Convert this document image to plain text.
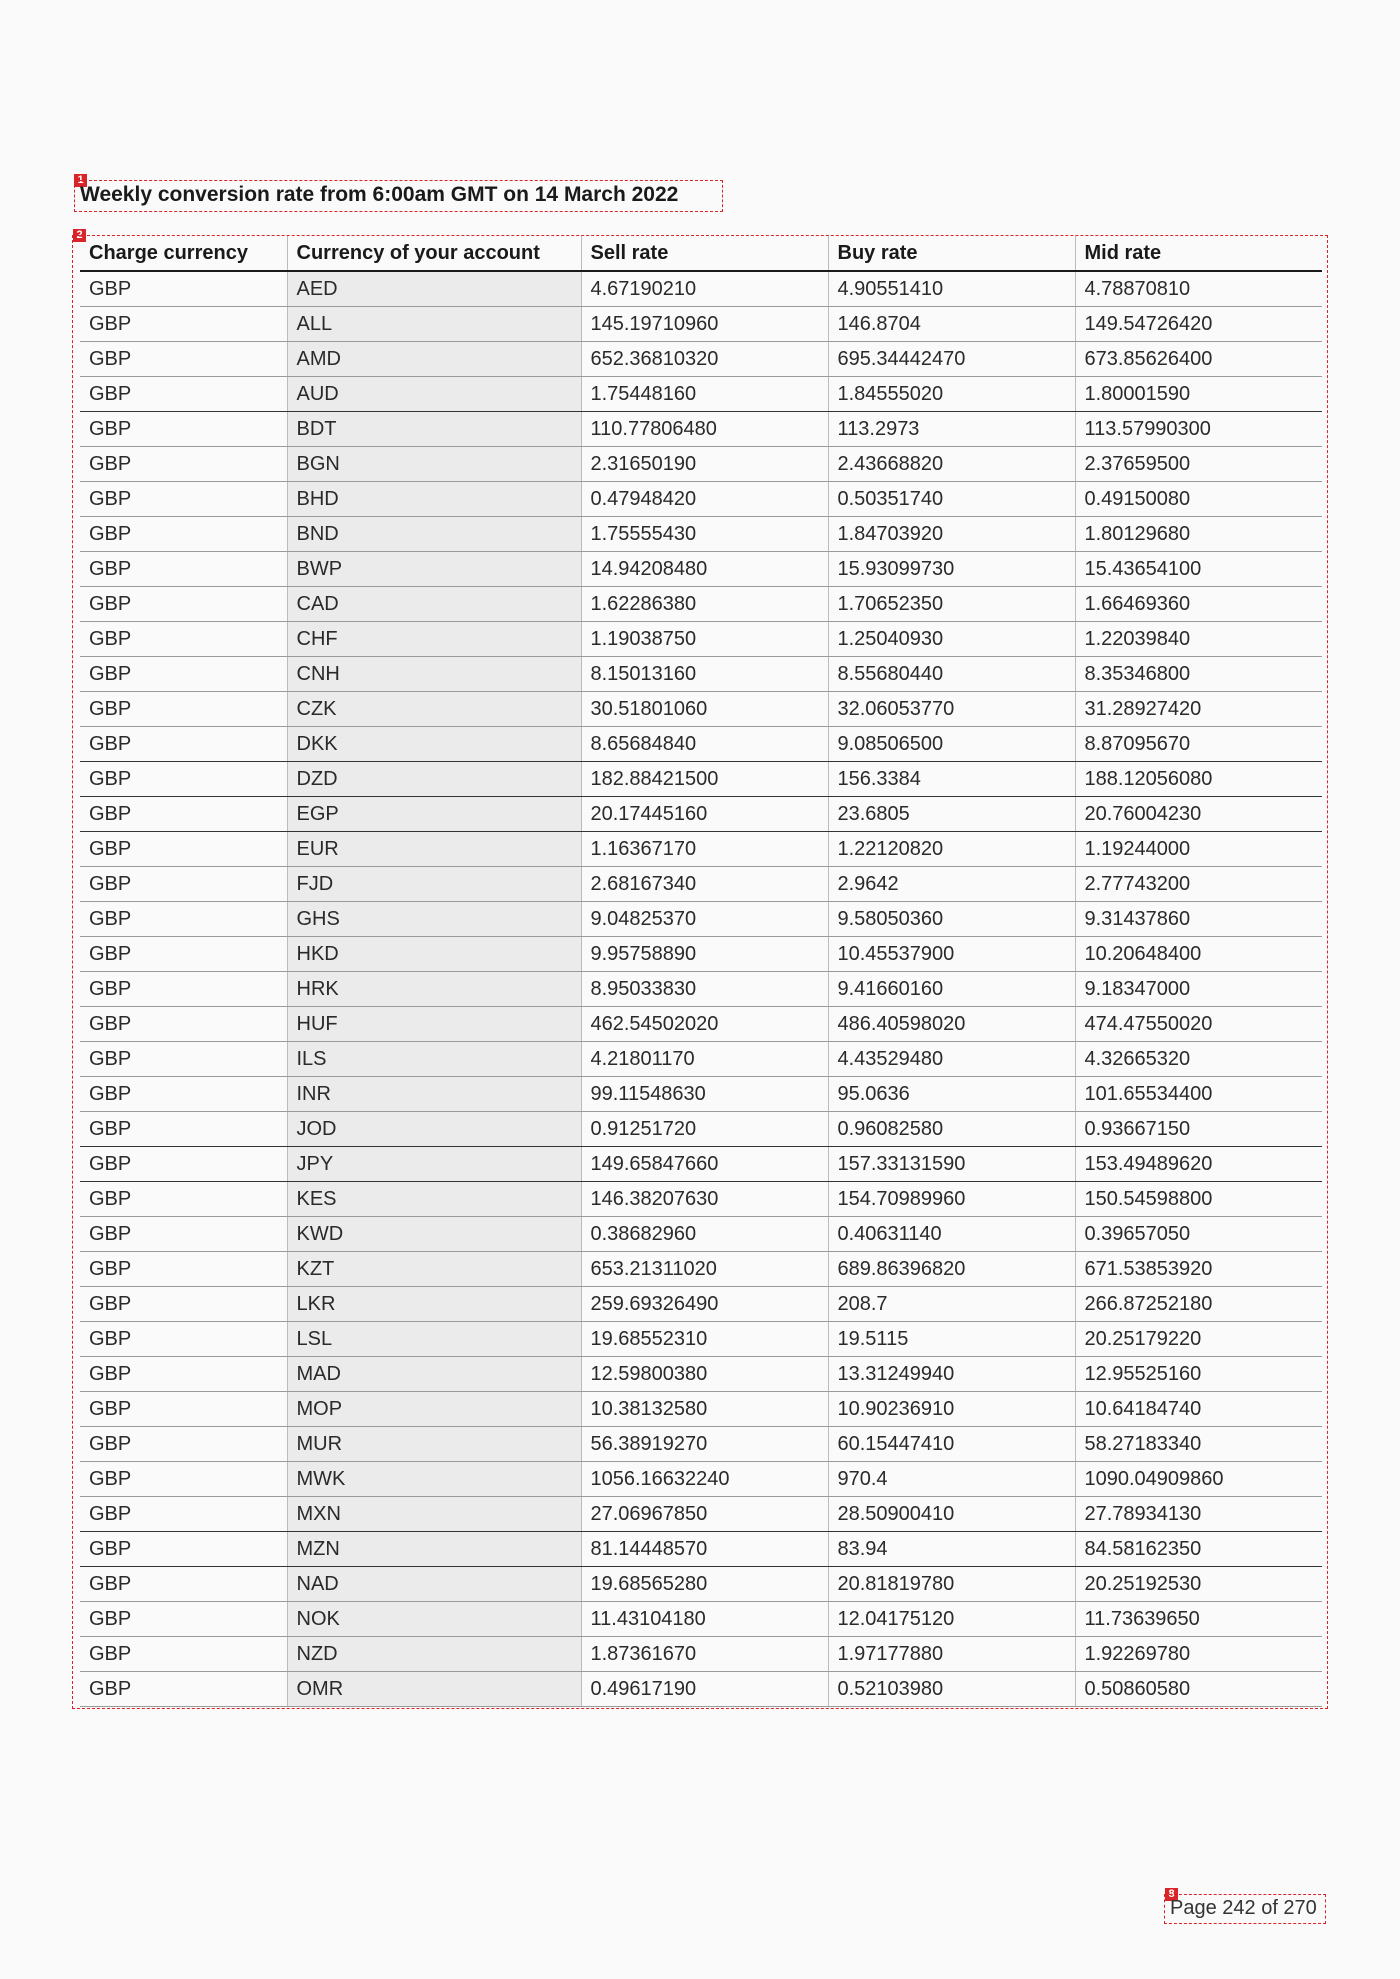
1
Weekly conversion rate from 6:00am GMT on 14 March 2022
2
Charge currency	Currency of your account	Sell rate	Buy rate	Mid rate
GBP	AED	4.67190210	4.90551410	4.78870810
GBP	ALL	145.19710960	146.8704	149.54726420
GBP	AMD	652.36810320	695.34442470	673.85626400
GBP	AUD	1.75448160	1.84555020	1.80001590
GBP	BDT	110.77806480	113.2973	113.57990300
GBP	BGN	2.31650190	2.43668820	2.37659500
GBP	BHD	0.47948420	0.50351740	0.49150080
GBP	BND	1.75555430	1.84703920	1.80129680
GBP	BWP	14.94208480	15.93099730	15.43654100
GBP	CAD	1.62286380	1.70652350	1.66469360
GBP	CHF	1.19038750	1.25040930	1.22039840
GBP	CNH	8.15013160	8.55680440	8.35346800
GBP	CZK	30.51801060	32.06053770	31.28927420
GBP	DKK	8.65684840	9.08506500	8.87095670
GBP	DZD	182.88421500	156.3384	188.12056080
GBP	EGP	20.17445160	23.6805	20.76004230
GBP	EUR	1.16367170	1.22120820	1.19244000
GBP	FJD	2.68167340	2.9642	2.77743200
GBP	GHS	9.04825370	9.58050360	9.31437860
GBP	HKD	9.95758890	10.45537900	10.20648400
GBP	HRK	8.95033830	9.41660160	9.18347000
GBP	HUF	462.54502020	486.40598020	474.47550020
GBP	ILS	4.21801170	4.43529480	4.32665320
GBP	INR	99.11548630	95.0636	101.65534400
GBP	JOD	0.91251720	0.96082580	0.93667150
GBP	JPY	149.65847660	157.33131590	153.49489620
GBP	KES	146.38207630	154.70989960	150.54598800
GBP	KWD	0.38682960	0.40631140	0.39657050
GBP	KZT	653.21311020	689.86396820	671.53853920
GBP	LKR	259.69326490	208.7	266.87252180
GBP	LSL	19.68552310	19.5115	20.25179220
GBP	MAD	12.59800380	13.31249940	12.95525160
GBP	MOP	10.38132580	10.90236910	10.64184740
GBP	MUR	56.38919270	60.15447410	58.27183340
GBP	MWK	1056.16632240	970.4	1090.04909860
GBP	MXN	27.06967850	28.50900410	27.78934130
GBP	MZN	81.14448570	83.94	84.58162350
GBP	NAD	19.68565280	20.81819780	20.25192530
GBP	NOK	11.43104180	12.04175120	11.73639650
GBP	NZD	1.87361670	1.97177880	1.92269780
GBP	OMR	0.49617190	0.52103980	0.50860580
8
Page 242 of 270
